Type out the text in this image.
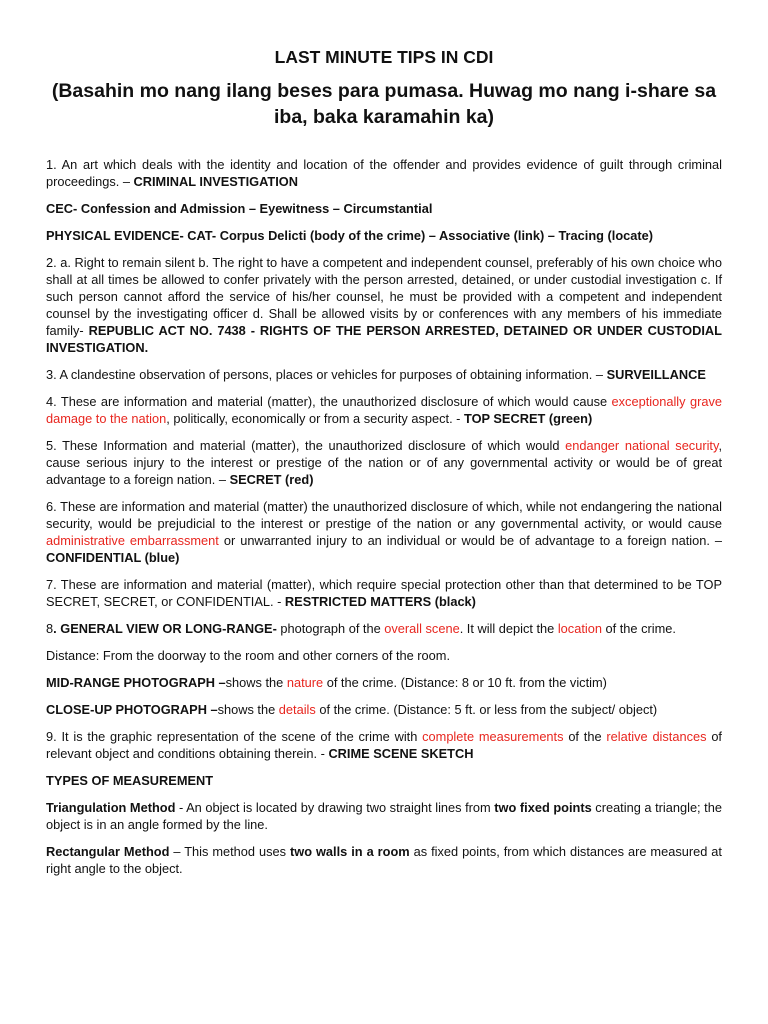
LAST MINUTE TIPS IN CDI
(Basahin mo nang ilang beses para pumasa. Huwag mo nang i-share sa iba, baka karamahin ka)

1. An art which deals with the identity and location of the offender and provides evidence of guilt through criminal proceedings. – CRIMINAL INVESTIGATION

CEC- Confession and Admission – Eyewitness – Circumstantial

PHYSICAL EVIDENCE- CAT- Corpus Delicti (body of the crime) – Associative (link) – Tracing (locate)

2. a. Right to remain silent b. The right to have a competent and independent counsel, preferably of his own choice who shall at all times be allowed to confer privately with the person arrested, detained, or under custodial investigation c. If such person cannot afford the service of his/her counsel, he must be provided with a competent and independent counsel by the investigating officer d. Shall be allowed visits by or conferences with any members of his immediate family- REPUBLIC ACT NO. 7438 - RIGHTS OF THE PERSON ARRESTED, DETAINED OR UNDER CUSTODIAL INVESTIGATION.

3. A clandestine observation of persons, places or vehicles for purposes of obtaining information. – SURVEILLANCE

4. These are information and material (matter), the unauthorized disclosure of which would cause exceptionally grave damage to the nation, politically, economically or from a security aspect. - TOP SECRET (green)

5. These Information and material (matter), the unauthorized disclosure of which would endanger national security, cause serious injury to the interest or prestige of the nation or of any governmental activity or would be of great advantage to a foreign nation. – SECRET (red)

6. These are information and material (matter) the unauthorized disclosure of which, while not endangering the national security, would be prejudicial to the interest or prestige of the nation or any governmental activity, or would cause administrative embarrassment or unwarranted injury to an individual or would be of advantage to a foreign nation. – CONFIDENTIAL (blue)

7. These are information and material (matter), which require special protection other than that determined to be TOP SECRET, SECRET, or CONFIDENTIAL. - RESTRICTED MATTERS (black)

8. GENERAL VIEW OR LONG-RANGE- photograph of the overall scene. It will depict the location of the crime.

Distance: From the doorway to the room and other corners of the room.

MID-RANGE PHOTOGRAPH –shows the nature of the crime. (Distance: 8 or 10 ft. from the victim)

CLOSE-UP PHOTOGRAPH –shows the details of the crime. (Distance: 5 ft. or less from the subject/ object)

9. It is the graphic representation of the scene of the crime with complete measurements of the relative distances of relevant object and conditions obtaining therein. - CRIME SCENE SKETCH

TYPES OF MEASUREMENT

Triangulation Method - An object is located by drawing two straight lines from two fixed points creating a triangle; the object is in an angle formed by the line.

Rectangular Method – This method uses two walls in a room as fixed points, from which distances are measured at right angle to the object.
